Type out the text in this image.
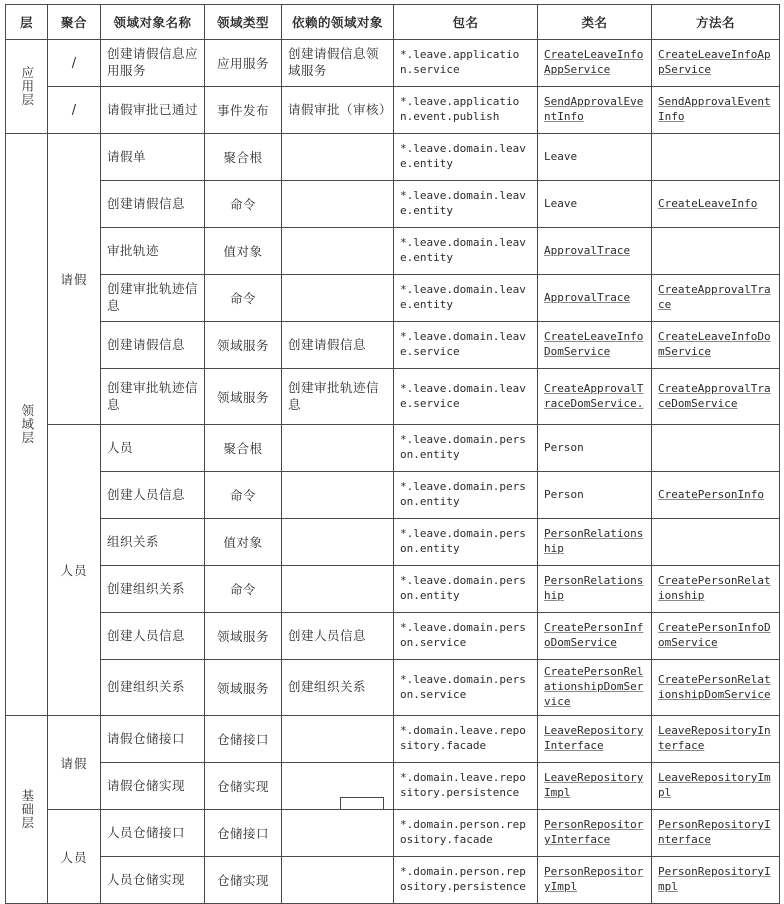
层	聚合	领域对象名称	领域类型	依赖的领域对象	包名	类名	方法名
应用层	/	创建请假信息应用服务	应用服务	创建请假信息领域服务	*.leave.application.service	CreateLeaveInfoAppService	CreateLeaveInfoAppService
	/	请假审批已通过	事件发布	请假审批（审核）	*.leave.application.event.publish	SendApprovalEventInfo	SendApprovalEventInfo
领域层	请假	请假单	聚合根		*.leave.domain.leave.entity	Leave	
		创建请假信息	命令		*.leave.domain.leave.entity	Leave	CreateLeaveInfo
		审批轨迹	值对象		*.leave.domain.leave.entity	ApprovalTrace	
		创建审批轨迹信息	命令		*.leave.domain.leave.entity	ApprovalTrace	CreateApprovalTrace
		创建请假信息	领域服务	创建请假信息	*.leave.domain.leave.service	CreateLeaveInfoDomService	CreateLeaveInfoDomService
		创建审批轨迹信息	领域服务	创建审批轨迹信息	*.leave.domain.leave.service	CreateApprovalTraceDomService.	CreateApprovalTraceDomService
	人员	人员	聚合根		*.leave.domain.person.entity	Person	
		创建人员信息	命令		*.leave.domain.person.entity	Person	CreatePersonInfo
		组织关系	值对象		*.leave.domain.person.entity	PersonRelationship	
		创建组织关系	命令		*.leave.domain.person.entity	PersonRelationship	CreatePersonRelationship
		创建人员信息	领域服务	创建人员信息	*.leave.domain.person.service	CreatePersonInfoDomService	CreatePersonInfoDomService
		创建组织关系	领域服务	创建组织关系	*.leave.domain.person.service	CreatePersonRelationshipDomService	CreatePersonRelationshipDomService
基础层	请假	请假仓储接口	仓储接口		*.domain.leave.repository.facade	LeaveRepositoryInterface	LeaveRepositoryInterface
		请假仓储实现	仓储实现		*.domain.leave.repository.persistence	LeaveRepositoryImpl	LeaveRepositoryImpl
	人员	人员仓储接口	仓储接口		*.domain.person.repository.facade	PersonRepositoryInterface	PersonRepositoryInterface
		人员仓储实现	仓储实现		*.domain.person.repository.persistence	PersonRepositoryImpl	PersonRepositoryImpl
